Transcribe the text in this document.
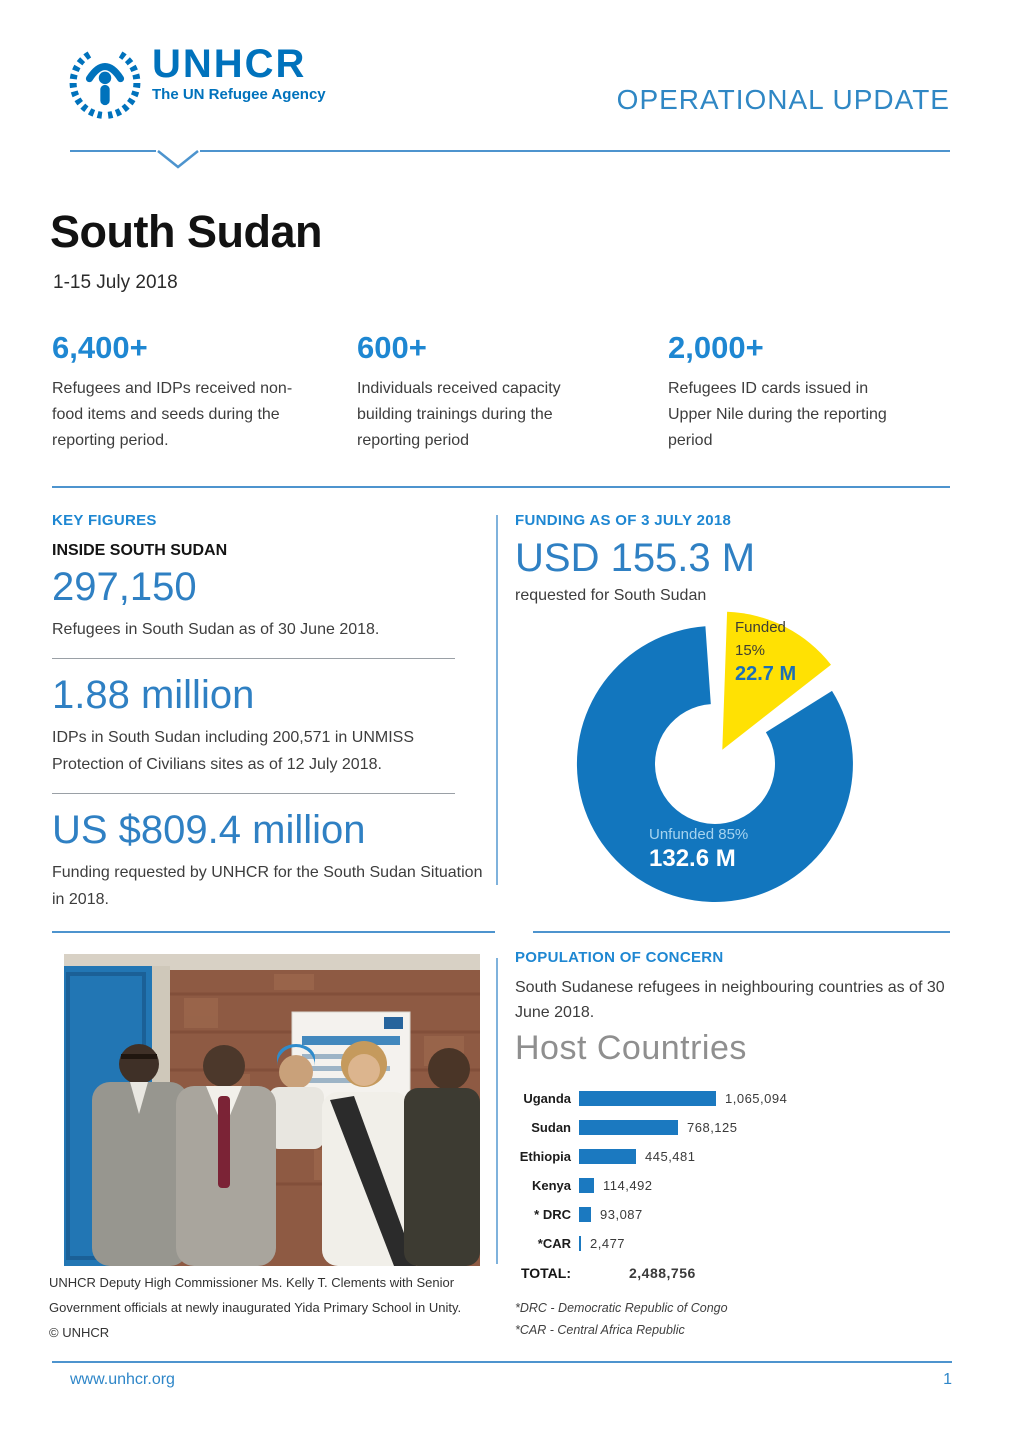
UNHCR
The UN Refugee Agency	OPERATIONAL UPDATE
South Sudan
1-15 July 2018
6,400+
Refugees and IDPs received non-food items and seeds during the reporting period.
600+
Individuals received capacity building trainings during the reporting period
2,000+
Refugees ID cards issued in Upper Nile during the reporting period
KEY FIGURES
INSIDE SOUTH SUDAN
297,150
Refugees in South Sudan as of 30 June 2018.
1.88 million
IDPs in South Sudan including 200,571 in UNMISS Protection of Civilians sites as of 12 July 2018.
US $809.4 million
Funding requested by UNHCR for the South Sudan Situation in 2018.
FUNDING AS OF 3 JULY 2018
USD 155.3 M
requested for South Sudan
Funded
15%
22.7 M
Unfunded 85%
132.6 M
UNHCR Deputy High Commissioner Ms. Kelly T. Clements with Senior Government officials at newly inaugurated Yida Primary School in Unity. © UNHCR
POPULATION OF CONCERN
South Sudanese refugees in neighbouring countries as of 30 June 2018.
Host Countries
Uganda	1,065,094
Sudan	768,125
Ethiopia	445,481
Kenya 114,492
* DRC 93,087
*CAR 2,477
TOTAL:	2,488,756
*DRC - Democratic Republic of Congo
*CAR - Central Africa Republic
www.unhcr.org	1
